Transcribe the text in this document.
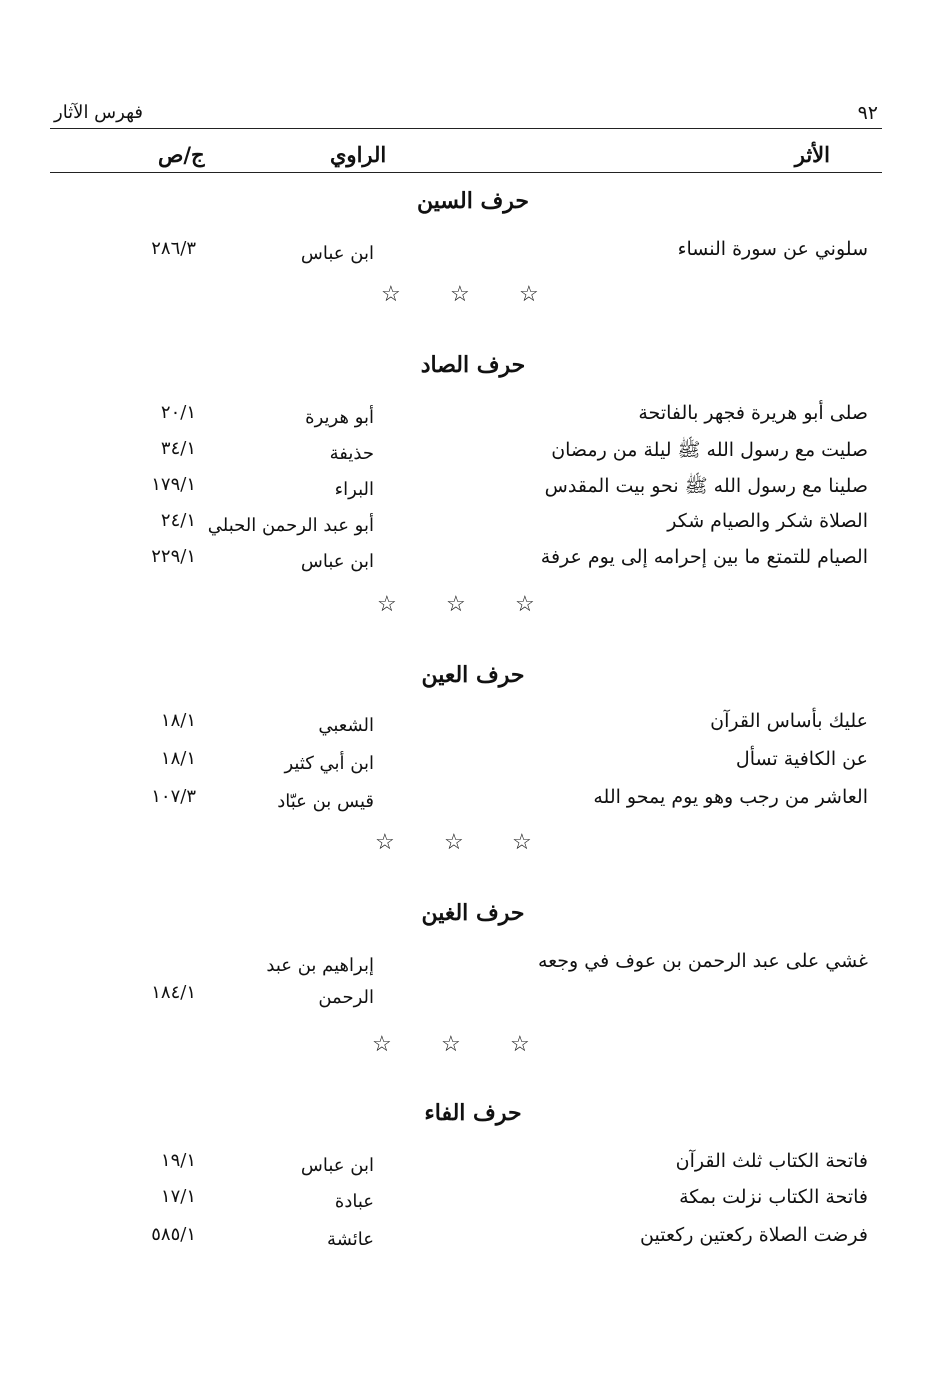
٩٢
فهرس الآثار
الأثر
الراوي
ج/ص
حرف السين
سلوني عن سورة النساء
ابن عباس
٢٨٦/٣
☆ ☆ ☆
حرف الصاد
صلى أبو هريرة فجهر بالفاتحة
أبو هريرة
٢٠/١
صليت مع رسول الله ﷺ ليلة من رمضان
حذيفة
٣٤/١
صلينا مع رسول الله ﷺ نحو بيت المقدس
البراء
١٧٩/١
الصلاة شكر والصيام شكر
أبو عبد الرحمن الحبلي
٢٤/١
الصيام للتمتع ما بين إحرامه إلى يوم عرفة
ابن عباس
٢٢٩/١
☆ ☆ ☆
حرف العين
عليك بأساس القرآن
الشعبي
١٨/١
عن الكافية تسأل
ابن أبي كثير
١٨/١
العاشر من رجب وهو يوم يمحو الله
قيس بن عبّاد
١٠٧/٣
☆ ☆ ☆
حرف الغين
غشي على عبد الرحمن بن عوف في وجعه
إبراهيم بن عبد الرحمن
١٨٤/١
☆ ☆ ☆
حرف الفاء
فاتحة الكتاب ثلث القرآن
ابن عباس
١٩/١
فاتحة الكتاب نزلت بمكة
عبادة
١٧/١
فرضت الصلاة ركعتين ركعتين
عائشة
٥٨٥/١
